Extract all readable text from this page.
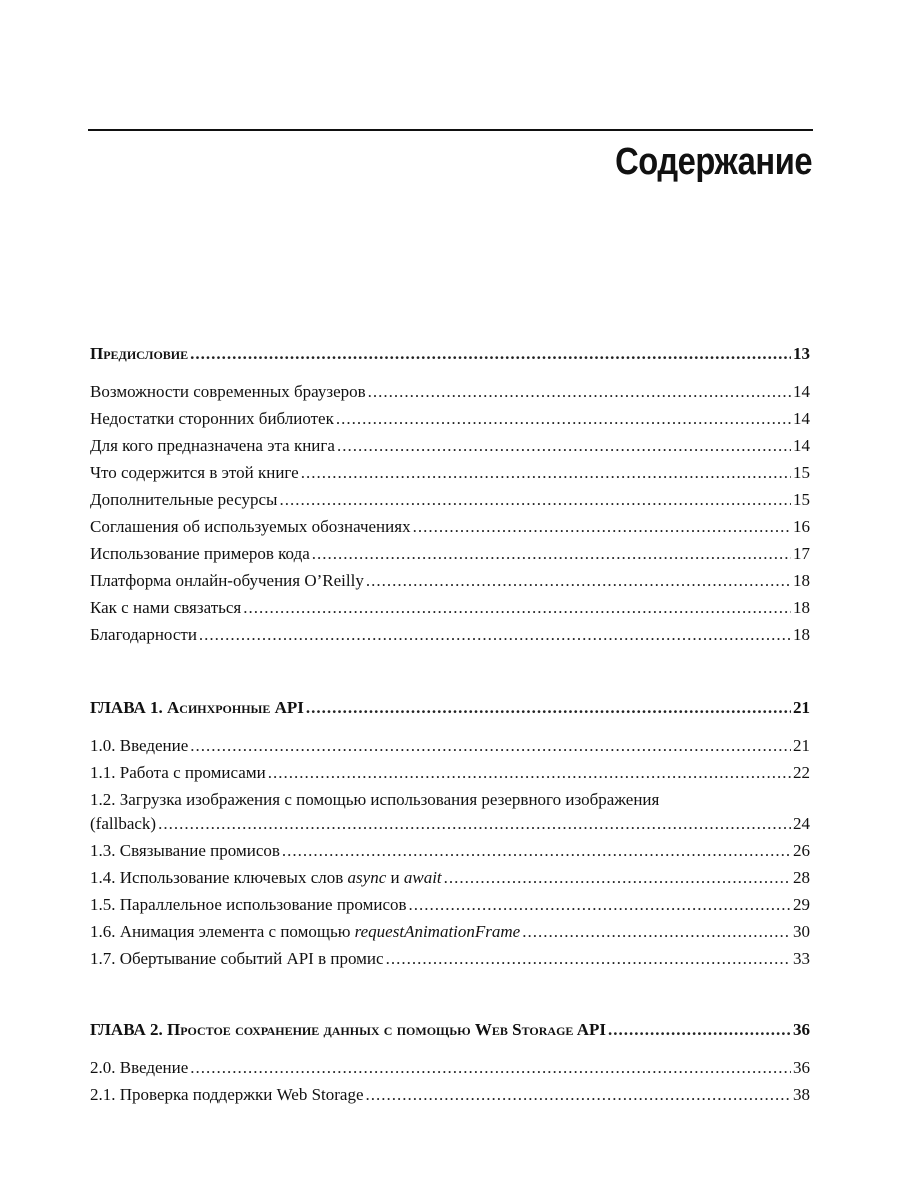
Содержание
Предисловие .....	13
Возможности современных браузеров .....	14
Недостатки сторонних библиотек .....	14
Для кого предназначена эта книга .....	14
Что содержится в этой книге .....	15
Дополнительные ресурсы .....	15
Соглашения об используемых обозначениях .....	16
Использование примеров кода .....	17
Платформа онлайн-обучения O’Reilly .....	18
Как с нами связаться .....	18
Благодарности .....	18
ГЛАВА 1. Асинхронные API .....	21
1.0. Введение .....	21
1.1. Работа с промисами .....	22
1.2. Загрузка изображения с помощью использования резервного изображения
(fallback) .....	24
1.3. Связывание промисов .....	26
1.4. Использование ключевых слов async и await .....	28
1.5. Параллельное использование промисов .....	29
1.6. Анимация элемента с помощью requestAnimationFrame .....	30
1.7. Обертывание событий API в промис .....	33
ГЛАВА 2. Простое сохранение данных с помощью Web Storage API .....	36
2.0. Введение .....	36
2.1. Проверка поддержки Web Storage .....	38
